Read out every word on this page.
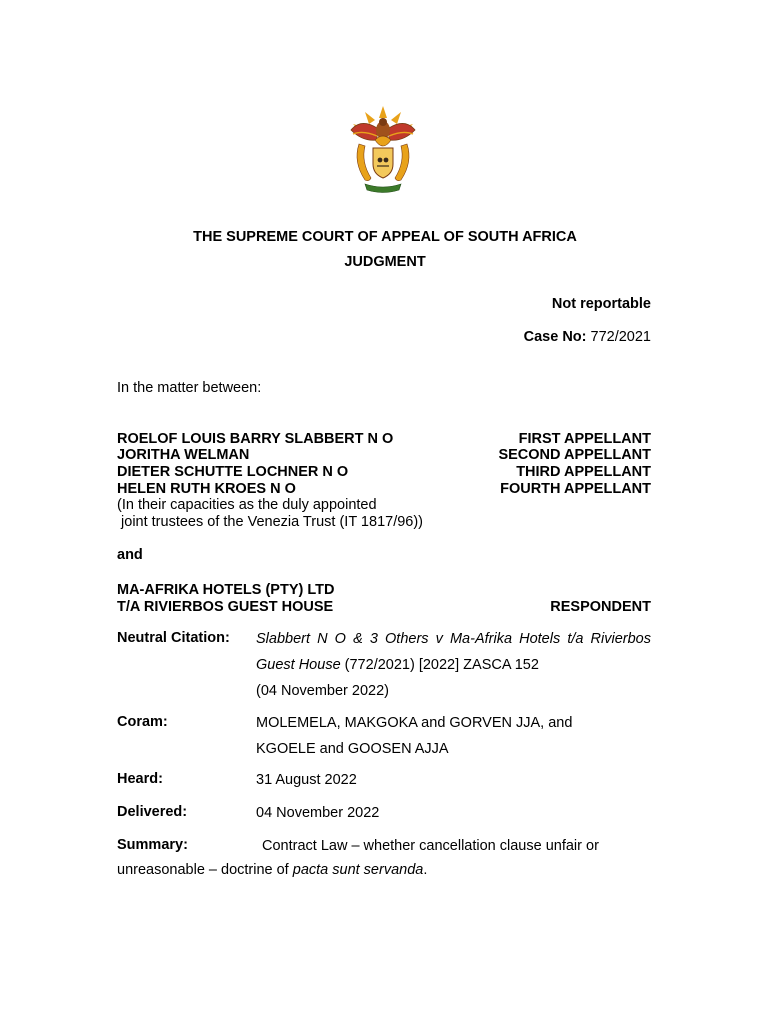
THE SUPREME COURT OF APPEAL OF SOUTH AFRICA
JUDGMENT
Not reportable
Case No: 772/2021
In the matter between:
ROELOF LOUIS BARRY SLABBERT N O	FIRST APPELLANT
JORITHA WELMAN	SECOND APPELLANT
DIETER SCHUTTE LOCHNER N O	THIRD APPELLANT
HELEN RUTH KROES N O	FOURTH APPELLANT
(In their capacities as the duly appointed
joint trustees of the Venezia Trust (IT 1817/96))
and
MA-AFRIKA HOTELS (PTY) LTD
T/A RIVIERBOS GUEST HOUSE	RESPONDENT
Neutral Citation: Slabbert N O & 3 Others v Ma-Afrika Hotels t/a Rivierbos Guest House (772/2021) [2022] ZASCA 152
(04 November 2022)
Coram:	MOLEMELA, MAKGOKA and GORVEN JJA, and
KGOELE and GOOSEN AJJA
Heard:	31 August 2022
Delivered:	04 November 2022
Summary:	Contract Law – whether cancellation clause unfair or
unreasonable – doctrine of pacta sunt servanda.
